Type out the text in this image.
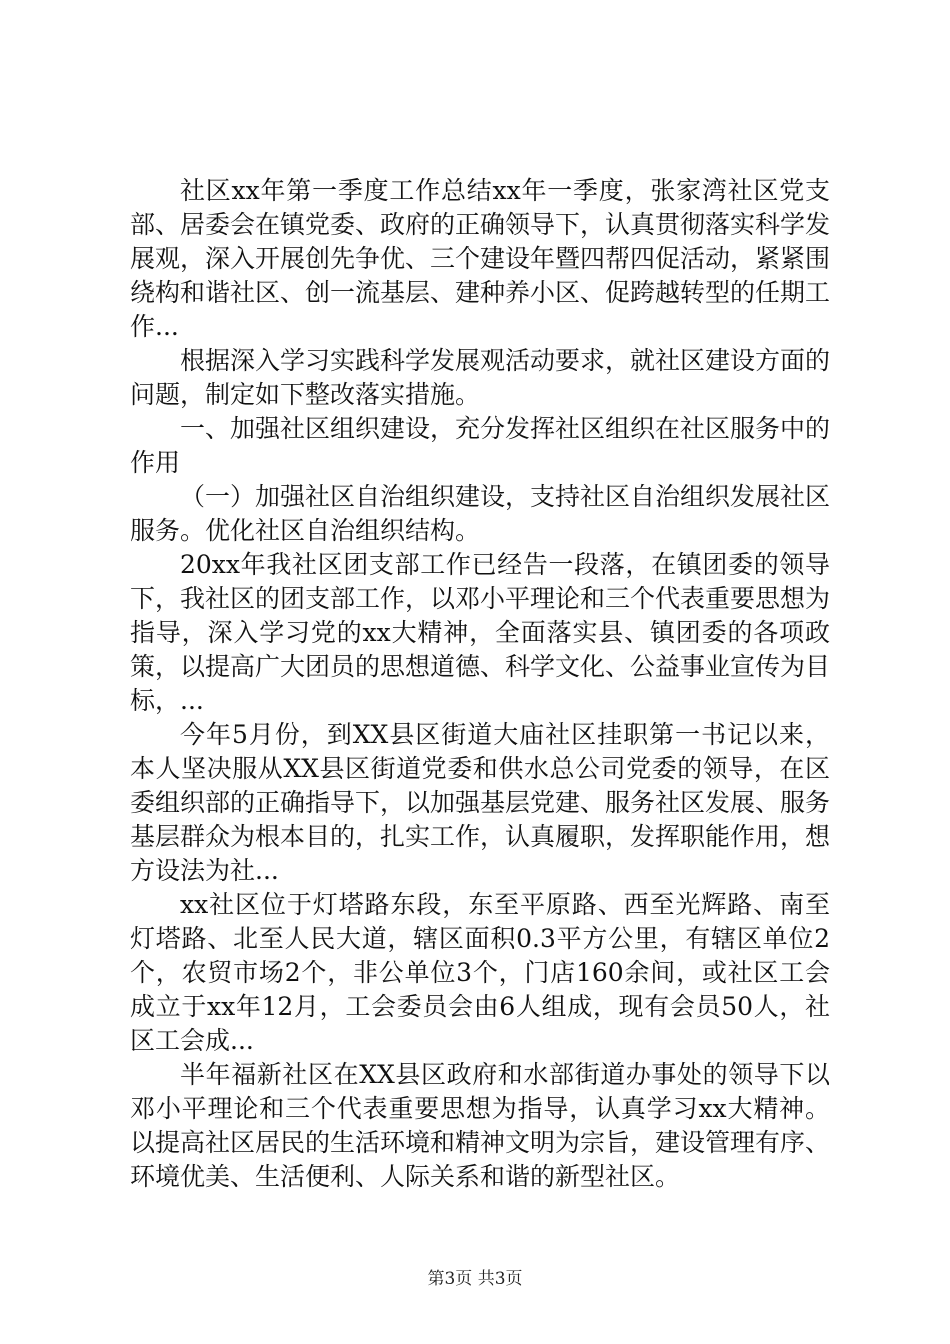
社区xx年第一季度工作总结xx年一季度，张家湾社区党支部、居委会在镇党委、政府的正确领导下，认真贯彻落实科学发展观，深入开展创先争优、三个建设年暨四帮四促活动，紧紧围绕构和谐社区、创一流基层、建种养小区、促跨越转型的任期工作...

根据深入学习实践科学发展观活动要求，就社区建设方面的问题，制定如下整改落实措施。

一、加强社区组织建设，充分发挥社区组织在社区服务中的作用

（一）加强社区自治组织建设，支持社区自治组织发展社区服务。优化社区自治组织结构。

20xx年我社区团支部工作已经告一段落，在镇团委的领导下，我社区的团支部工作，以邓小平理论和三个代表重要思想为指导，深入学习党的xx大精神，全面落实县、镇团委的各项政策，以提高广大团员的思想道德、科学文化、公益事业宣传为目标，...

今年5月份，到XX县区街道大庙社区挂职第一书记以来，本人坚决服从XX县区街道党委和供水总公司党委的领导，在区委组织部的正确指导下，以加强基层党建、服务社区发展、服务基层群众为根本目的，扎实工作，认真履职，发挥职能作用，想方设法为社...

xx社区位于灯塔路东段，东至平原路、西至光辉路、南至灯塔路、北至人民大道，辖区面积0.3平方公里，有辖区单位2个，农贸市场2个，非公单位3个，门店160余间，或社区工会成立于xx年12月，工会委员会由6人组成，现有会员50人，社区工会成...

半年福新社区在XX县区政府和水部街道办事处的领导下以邓小平理论和三个代表重要思想为指导，认真学习xx大精神。以提高社区居民的生活环境和精神文明为宗旨，建设管理有序、环境优美、生活便利、人际关系和谐的新型社区。

第3页 共3页
